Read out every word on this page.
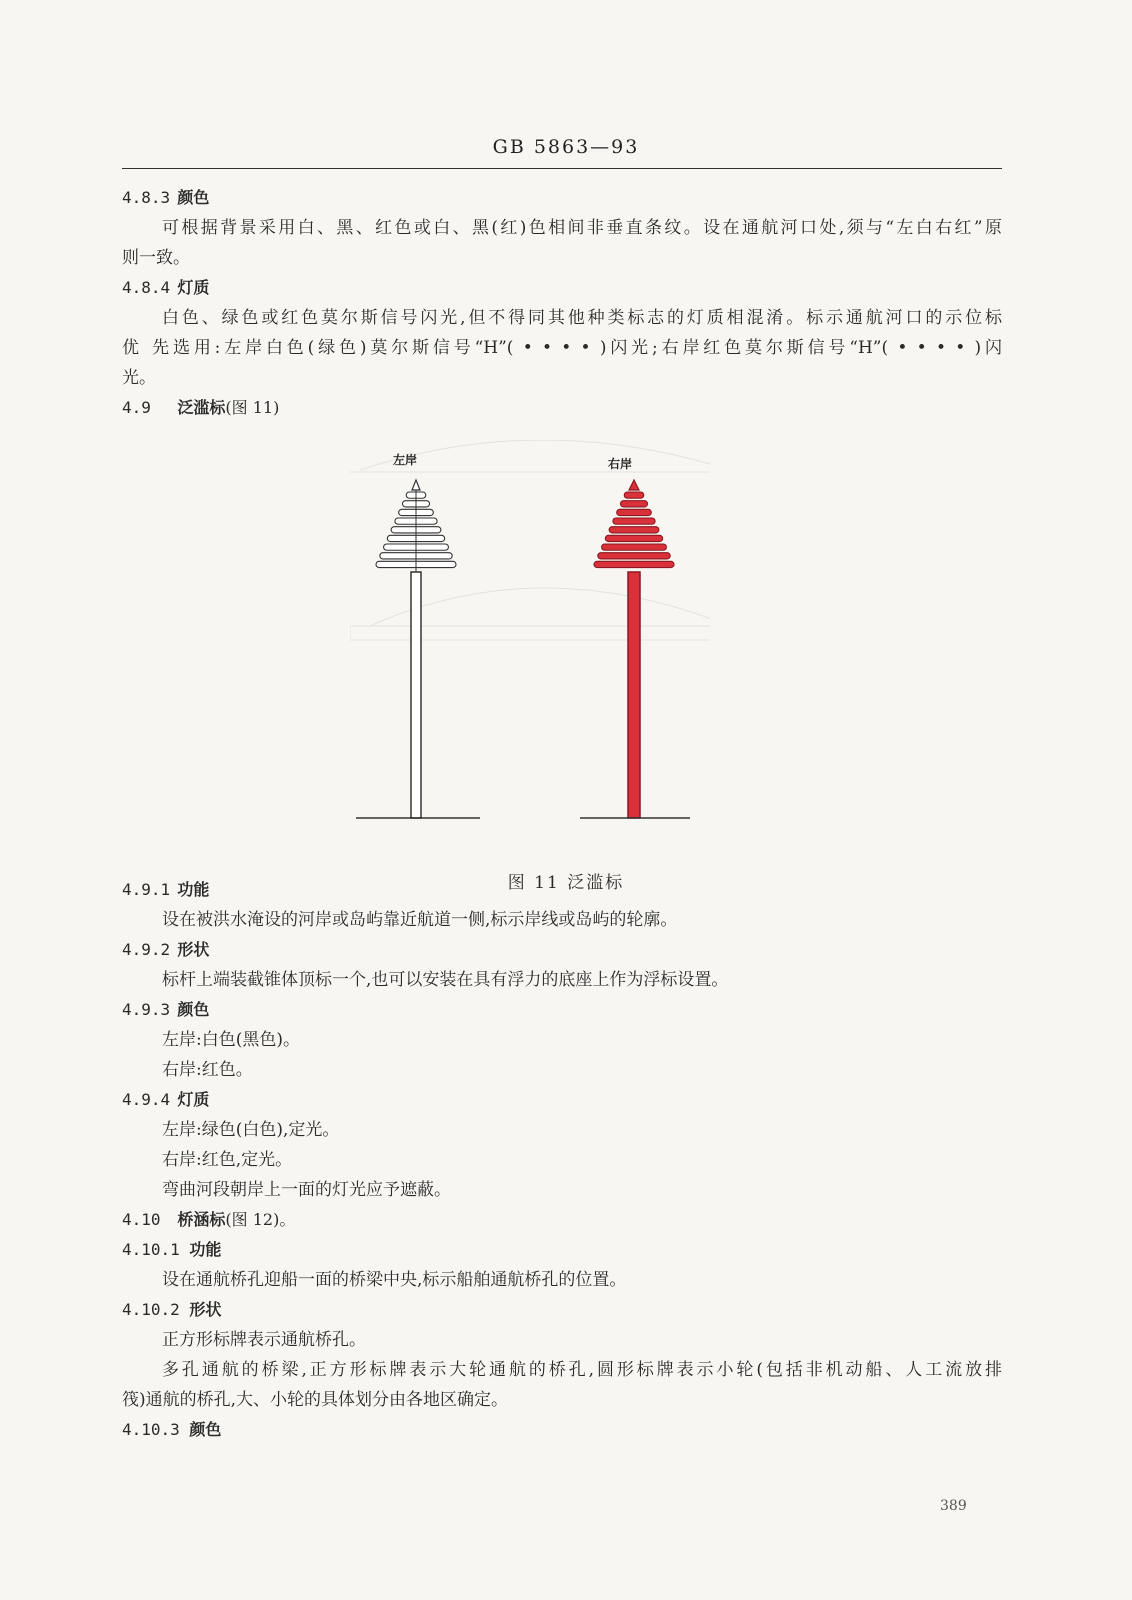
GB 5863—93
4.8.3 颜色
可根据背景采用白、黑、红色或白、黑(红)色相间非垂直条纹。设在通航河口处,须与“左白右红”原
则一致。
4.8.4 灯质
白色、绿色或红色莫尔斯信号闪光,但不得同其他种类标志的灯质相混淆。标示通航河口的示位标
优 先选用:左岸白色(绿色)莫尔斯信号“H”( • • • • )闪光;右岸红色莫尔斯信号“H”( • • • • )闪
光。
4.9 泛滥标(图 11)
左岸	右岸
图 11 泛滥标
4.9.1 功能
设在被洪水淹设的河岸或岛屿靠近航道一侧,标示岸线或岛屿的轮廓。
4.9.2 形状
标杆上端装截锥体顶标一个,也可以安装在具有浮力的底座上作为浮标设置。
4.9.3 颜色
左岸:白色(黑色)。
右岸:红色。
4.9.4 灯质
左岸:绿色(白色),定光。
右岸:红色,定光。
弯曲河段朝岸上一面的灯光应予遮蔽。
4.10 桥涵标(图 12)。
4.10.1 功能
设在通航桥孔迎船一面的桥梁中央,标示船舶通航桥孔的位置。
4.10.2 形状
正方形标牌表示通航桥孔。
多孔通航的桥梁,正方形标牌表示大轮通航的桥孔,圆形标牌表示小轮(包括非机动船、人工流放排
筏)通航的桥孔,大、小轮的具体划分由各地区确定。
4.10.3 颜色
389
